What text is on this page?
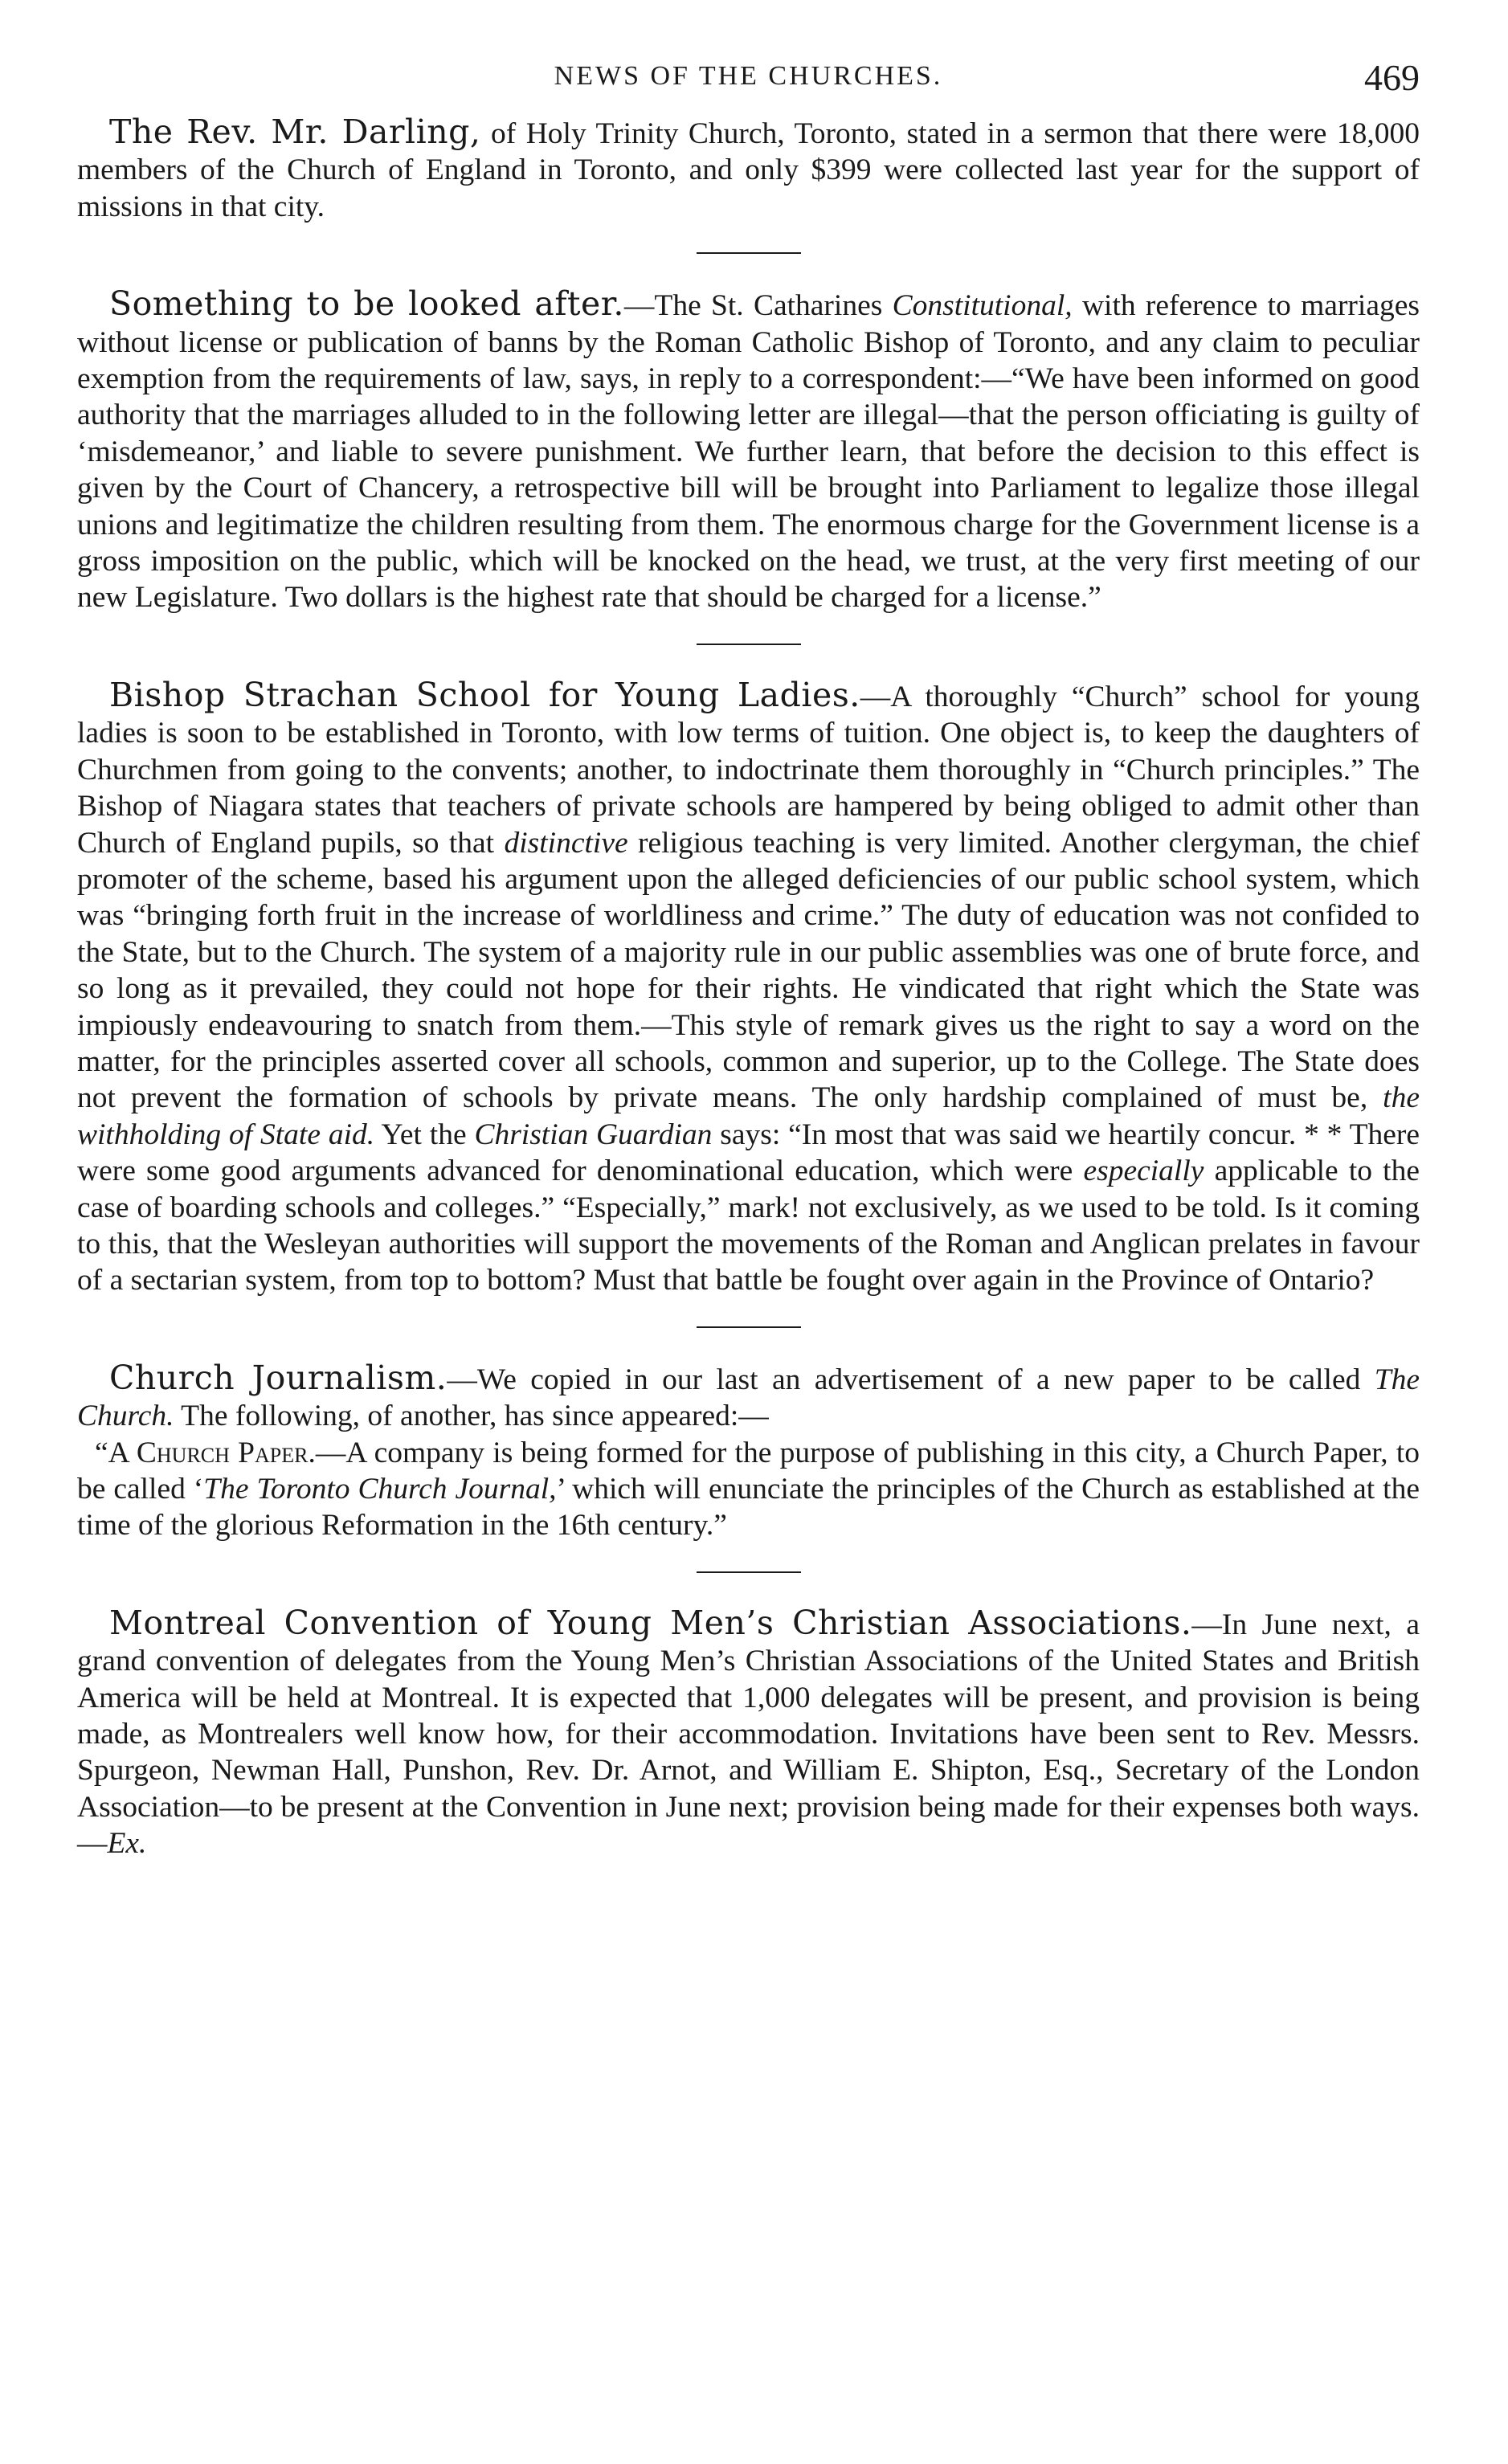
NEWS OF THE CHURCHES.	469

The Rev. Mr. Darling, of Holy Trinity Church, Toronto, stated in a sermon that there were 18,000 members of the Church of England in Toronto, and only $399 were collected last year for the support of missions in that city.

Something to be looked after.—The St. Catharines Constitutional, with reference to marriages without license or publication of banns by the Roman Catholic Bishop of Toronto, and any claim to peculiar exemption from the requirements of law, says, in reply to a correspondent:—“We have been informed on good authority that the marriages alluded to in the following letter are illegal—that the person officiating is guilty of ‘misdemeanor,’ and liable to severe punishment. We further learn, that before the decision to this effect is given by the Court of Chancery, a retrospective bill will be brought into Parliament to legalize those illegal unions and legitimatize the children resulting from them. The enormous charge for the Government license is a gross imposition on the public, which will be knocked on the head, we trust, at the very first meeting of our new Legislature. Two dollars is the highest rate that should be charged for a license.”

Bishop Strachan School for Young Ladies.—A thoroughly “Church” school for young ladies is soon to be established in Toronto, with low terms of tuition. One object is, to keep the daughters of Churchmen from going to the convents; another, to indoctrinate them thoroughly in “Church principles.” The Bishop of Niagara states that teachers of private schools are hampered by being obliged to admit other than Church of England pupils, so that distinctive religious teaching is very limited. Another clergyman, the chief promoter of the scheme, based his argument upon the alleged deficiencies of our public school system, which was “bringing forth fruit in the increase of worldliness and crime.” The duty of education was not confided to the State, but to the Church. The system of a majority rule in our public assemblies was one of brute force, and so long as it prevailed, they could not hope for their rights. He vindicated that right which the State was impiously endeavouring to snatch from them.—This style of remark gives us the right to say a word on the matter, for the principles asserted cover all schools, common and superior, up to the College. The State does not prevent the formation of schools by private means. The only hardship complained of must be, the withholding of State aid. Yet the Christian Guardian says: “In most that was said we heartily concur. * * There were some good arguments advanced for denominational education, which were especially applicable to the case of boarding schools and colleges.” “Especially,” mark! not exclusively, as we used to be told. Is it coming to this, that the Wesleyan authorities will support the movements of the Roman and Anglican prelates in favour of a sectarian system, from top to bottom? Must that battle be fought over again in the Province of Ontario?

Church Journalism.—We copied in our last an advertisement of a new paper to be called The Church. The following, of another, has since appeared:—
“A Church Paper.—A company is being formed for the purpose of publishing in this city, a Church Paper, to be called ‘The Toronto Church Journal,’ which will enunciate the principles of the Church as established at the time of the glorious Reformation in the 16th century.”

Montreal Convention of Young Men’s Christian Associations.—In June next, a grand convention of delegates from the Young Men’s Christian Associations of the United States and British America will be held at Montreal. It is expected that 1,000 delegates will be present, and provision is being made, as Montrealers well know how, for their accommodation. Invitations have been sent to Rev. Messrs. Spurgeon, Newman Hall, Punshon, Rev. Dr. Arnot, and William E. Shipton, Esq., Secretary of the London Association—to be present at the Convention in June next; provision being made for their expenses both ways.—Ex.
